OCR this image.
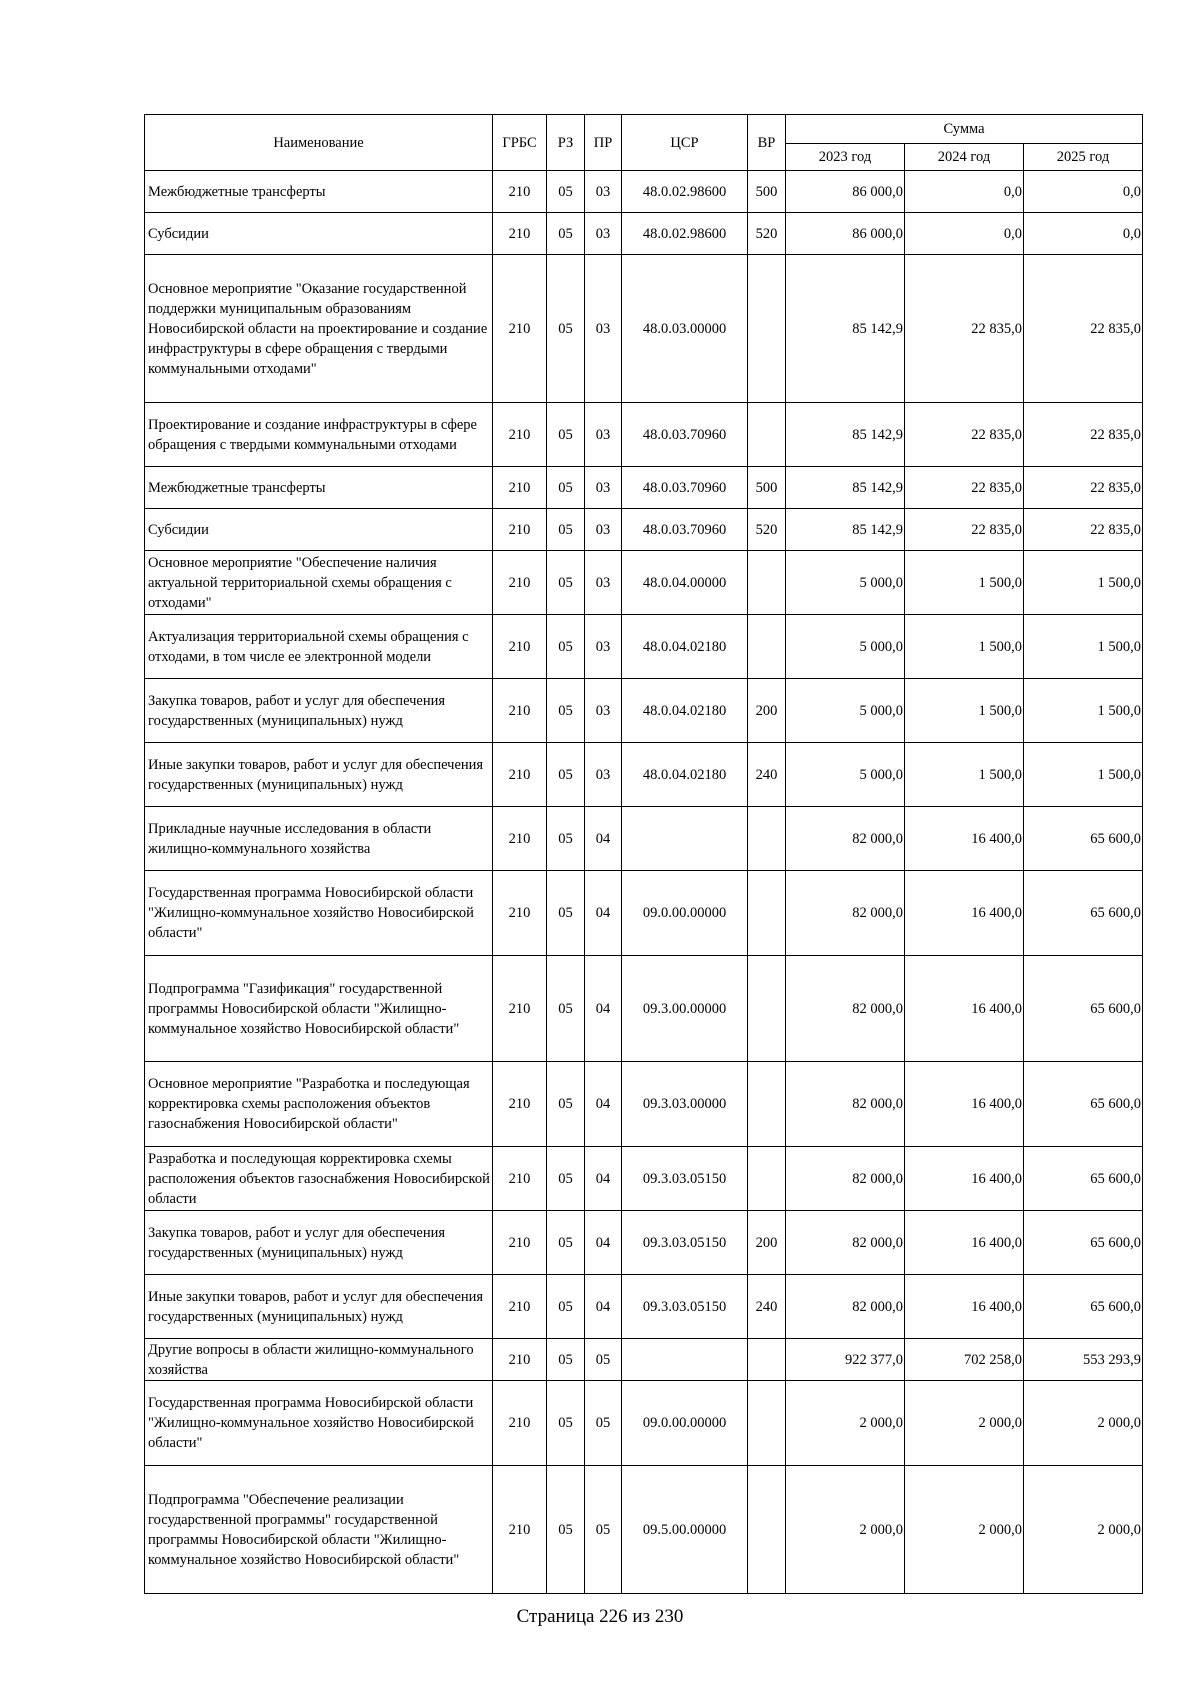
Наименование	ГРБС	РЗ	ПР	ЦСР	ВР	Сумма		
						2023 год	2024 год	2025 год
Межбюджетные трансферты	210	05	03	48.0.02.98600	500	86 000,0	0,0	0,0
Субсидии	210	05	03	48.0.02.98600	520	86 000,0	0,0	0,0
Основное мероприятие "Оказание государственной поддержки муниципальным образованиям Новосибирской области на проектирование и создание инфраструктуры в сфере обращения с твердыми коммунальными отходами"	210	05	03	48.0.03.00000		85 142,9	22 835,0	22 835,0
Проектирование и создание инфраструктуры в сфере обращения с твердыми коммунальными отходами	210	05	03	48.0.03.70960		85 142,9	22 835,0	22 835,0
Межбюджетные трансферты	210	05	03	48.0.03.70960	500	85 142,9	22 835,0	22 835,0
Субсидии	210	05	03	48.0.03.70960	520	85 142,9	22 835,0	22 835,0
Основное мероприятие "Обеспечение наличия актуальной территориальной схемы обращения с отходами"	210	05	03	48.0.04.00000		5 000,0	1 500,0	1 500,0
Актуализация территориальной схемы обращения с отходами, в том числе ее электронной модели	210	05	03	48.0.04.02180		5 000,0	1 500,0	1 500,0
Закупка товаров, работ и услуг для обеспечения государственных (муниципальных) нужд	210	05	03	48.0.04.02180	200	5 000,0	1 500,0	1 500,0
Иные закупки товаров, работ и услуг для обеспечения государственных (муниципальных) нужд	210	05	03	48.0.04.02180	240	5 000,0	1 500,0	1 500,0
Прикладные научные исследования в области жилищно-коммунального хозяйства	210	05	04			82 000,0	16 400,0	65 600,0
Государственная программа Новосибирской области "Жилищно-коммунальное хозяйство Новосибирской области"	210	05	04	09.0.00.00000		82 000,0	16 400,0	65 600,0
Подпрограмма "Газификация" государственной программы Новосибирской области "Жилищно-коммунальное хозяйство Новосибирской области"	210	05	04	09.3.00.00000		82 000,0	16 400,0	65 600,0
Основное мероприятие "Разработка и последующая корректировка схемы расположения объектов газоснабжения Новосибирской области"	210	05	04	09.3.03.00000		82 000,0	16 400,0	65 600,0
Разработка и последующая корректировка схемы расположения объектов газоснабжения Новосибирской области	210	05	04	09.3.03.05150		82 000,0	16 400,0	65 600,0
Закупка товаров, работ и услуг для обеспечения государственных (муниципальных) нужд	210	05	04	09.3.03.05150	200	82 000,0	16 400,0	65 600,0
Иные закупки товаров, работ и услуг для обеспечения государственных (муниципальных) нужд	210	05	04	09.3.03.05150	240	82 000,0	16 400,0	65 600,0
Другие вопросы в области жилищно-коммунального хозяйства	210	05	05			922 377,0	702 258,0	553 293,9
Государственная программа Новосибирской области "Жилищно-коммунальное хозяйство Новосибирской области"	210	05	05	09.0.00.00000		2 000,0	2 000,0	2 000,0
Подпрограмма "Обеспечение реализации государственной программы" государственной программы Новосибирской области "Жилищно-коммунальное хозяйство Новосибирской области"	210	05	05	09.5.00.00000		2 000,0	2 000,0	2 000,0
Страница 226 из 230
